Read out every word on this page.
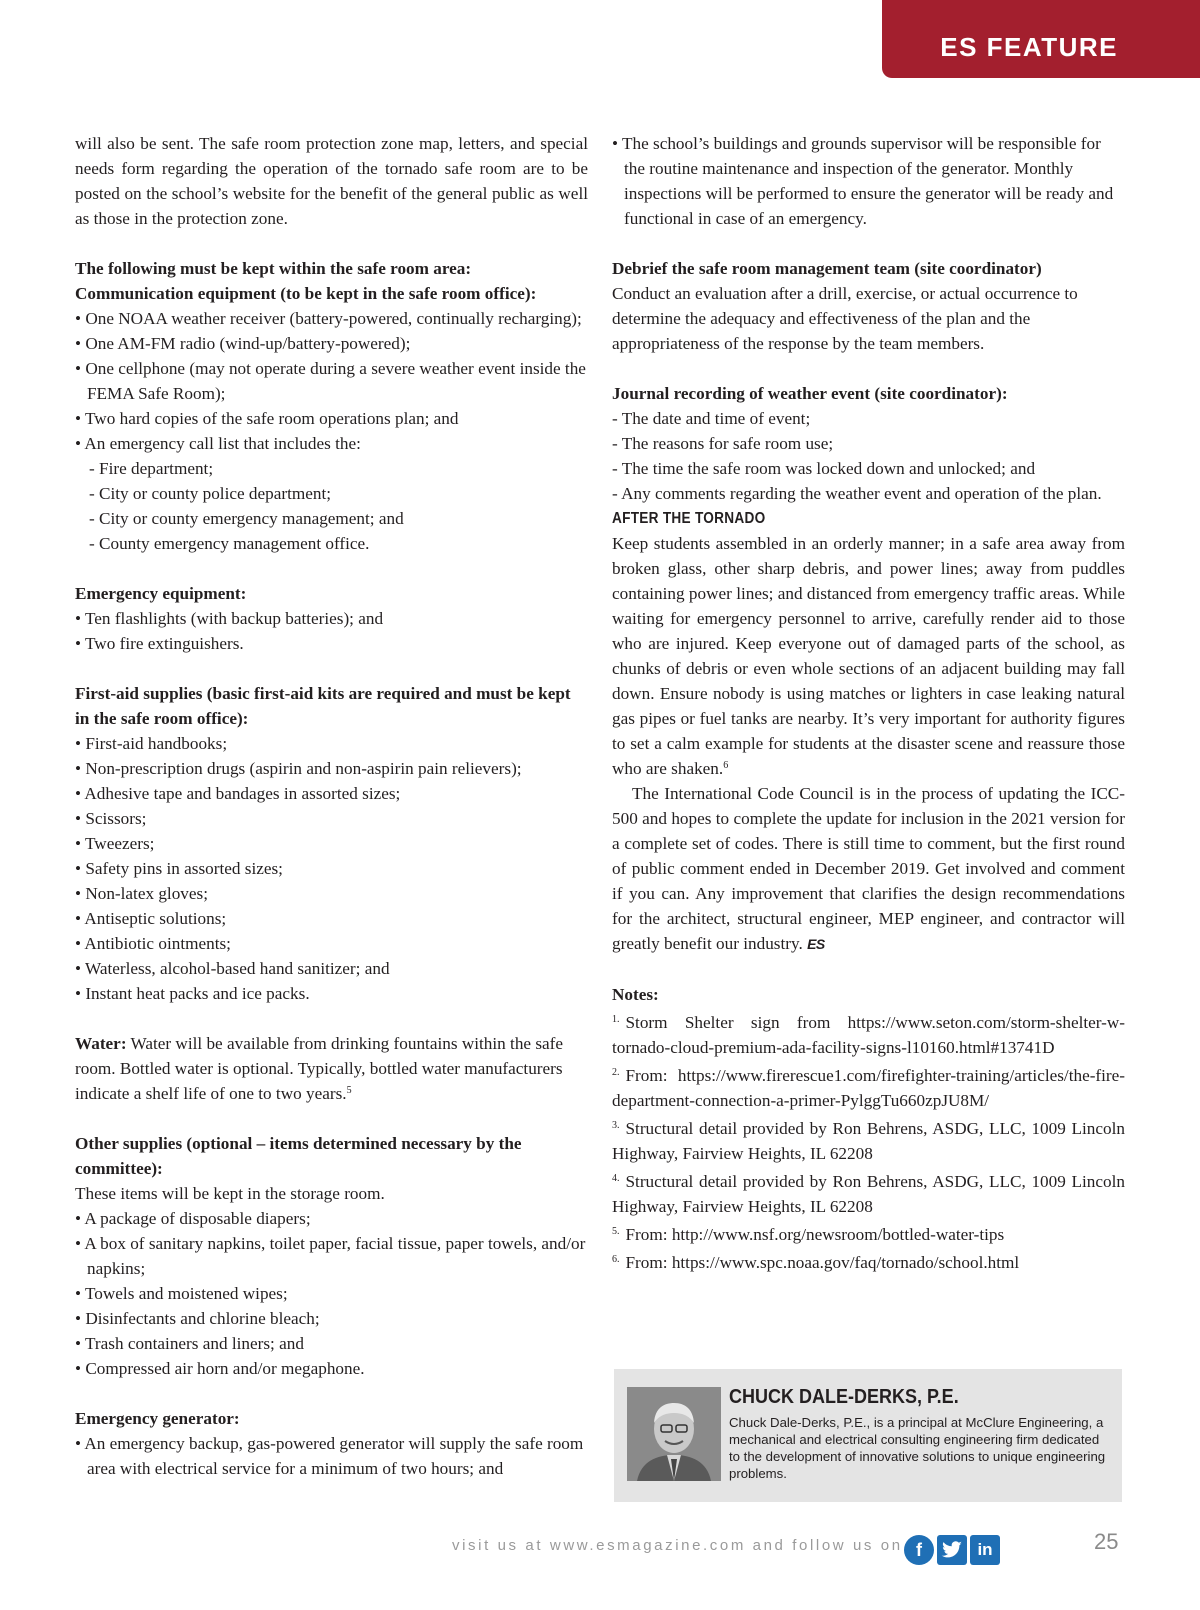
ES FEATURE

will also be sent. The safe room protection zone map, letters, and special needs form regarding the operation of the tornado safe room are to be posted on the school’s website for the benefit of the general public as well as those in the protection zone.

The following must be kept within the safe room area:

Communication equipment (to be kept in the safe room office):

• One NOAA weather receiver (battery-powered, continually recharging);

• One AM-FM radio (wind-up/battery-powered);

• One cellphone (may not operate during a severe weather event inside the FEMA Safe Room);

• Two hard copies of the safe room operations plan; and

• An emergency call list that includes the:

- Fire department;

- City or county police department;

- City or county emergency management; and

- County emergency management office.

Emergency equipment:

• Ten flashlights (with backup batteries); and

• Two fire extinguishers.

First-aid supplies (basic first-aid kits are required and must be kept in the safe room office):

• First-aid handbooks;

• Non-prescription drugs (aspirin and non-aspirin pain relievers);

• Adhesive tape and bandages in assorted sizes;

• Scissors;

• Tweezers;

• Safety pins in assorted sizes;

• Non-latex gloves;

• Antiseptic solutions;

• Antibiotic ointments;

• Waterless, alcohol-based hand sanitizer; and

• Instant heat packs and ice packs.

Water: Water will be available from drinking fountains within the safe room. Bottled water is optional. Typically, bottled water manufacturers indicate a shelf life of one to two years.$^5$

Other supplies (optional – items determined necessary by the committee):

These items will be kept in the storage room.

• A package of disposable diapers;

• A box of sanitary napkins, toilet paper, facial tissue, paper towels, and/or napkins;

• Towels and moistened wipes;

• Disinfectants and chlorine bleach;

• Trash containers and liners; and

• Compressed air horn and/or megaphone.

Emergency generator:

• An emergency backup, gas-powered generator will supply the safe room area with electrical service for a minimum of two hours; and

• The school’s buildings and grounds supervisor will be responsible for the routine maintenance and inspection of the generator. Monthly inspections will be performed to ensure the generator will be ready and functional in case of an emergency.

Debrief the safe room management team (site coordinator)

Conduct an evaluation after a drill, exercise, or actual occurrence to determine the adequacy and effectiveness of the plan and the appropriateness of the response by the team members.

Journal recording of weather event (site coordinator):

- The date and time of event;

- The reasons for safe room use;

- The time the safe room was locked down and unlocked; and

- Any comments regarding the weather event and operation of the plan.

AFTER THE TORNADO

Keep students assembled in an orderly manner; in a safe area away from broken glass, other sharp debris, and power lines; away from puddles containing power lines; and distanced from emergency traffic areas. While waiting for emergency personnel to arrive, carefully render aid to those who are injured. Keep everyone out of damaged parts of the school, as chunks of debris or even whole sections of an adjacent building may fall down. Ensure nobody is using matches or lighters in case leaking natural gas pipes or fuel tanks are nearby. It’s very important for authority figures to set a calm example for students at the disaster scene and reassure those who are shaken.$^6$

The International Code Council is in the process of updating the ICC-500 and hopes to complete the update for inclusion in the 2021 version for a complete set of codes. There is still time to comment, but the first round of public comment ended in December 2019. Get involved and comment if you can. Any improvement that clarifies the design recommendations for the architect, structural engineer, MEP engineer, and contractor will greatly benefit our industry. ES

Notes:

$^{1.}$ Storm Shelter sign from https://www.seton.com/storm-shelter-w-tornado-cloud-premium-ada-facility-signs-l10160.html#13741D

$^{2.}$ From: https://www.firerescue1.com/firefighter-training/articles/the-fire-department-connection-a-primer-PylggTu660zpJU8M/

$^{3.}$ Structural detail provided by Ron Behrens, ASDG, LLC, 1009 Lincoln Highway, Fairview Heights, IL 62208

$^{4.}$ Structural detail provided by Ron Behrens, ASDG, LLC, 1009 Lincoln Highway, Fairview Heights, IL 62208

$^{5.}$ From: http://www.nsf.org/newsroom/bottled-water-tips

$^{6.}$ From: https://www.spc.noaa.gov/faq/tornado/school.html

CHUCK DALE-DERKS, P.E.
Chuck Dale-Derks, P.E., is a principal at McClure Engineering, a mechanical and electrical consulting engineering firm dedicated to the development of innovative solutions to unique engineering problems.
visit us at www.esmagazine.com and follow us on f	in	25
